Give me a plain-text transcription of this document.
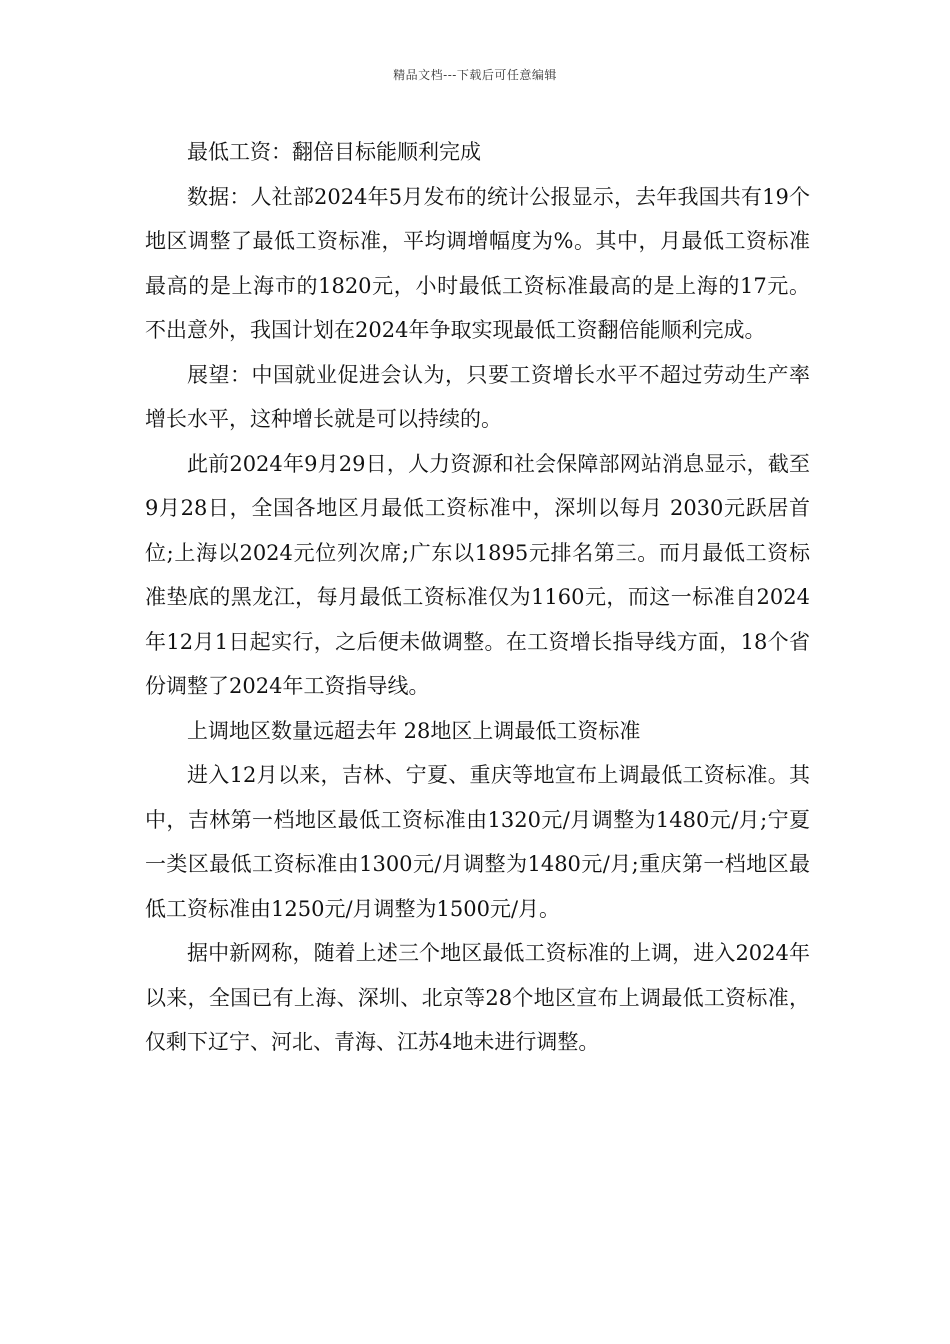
精品文档---下载后可任意编辑

最低工资：翻倍目标能顺利完成

数据：人社部2024年5月发布的统计公报显示，去年我国共有19个地区调整了最低工资标准，平均调增幅度为%。其中，月最低工资标准最高的是上海市的1820元，小时最低工资标准最高的是上海的17元。不出意外，我国计划在2024年争取实现最低工资翻倍能顺利完成。

展望：中国就业促进会认为，只要工资增长水平不超过劳动生产率增长水平，这种增长就是可以持续的。

此前2024年9月29日，人力资源和社会保障部网站消息显示，截至9月28日，全国各地区月最低工资标准中，深圳以每月 2030元跃居首位;上海以2024元位列次席;广东以1895元排名第三。而月最低工资标准垫底的黑龙江，每月最低工资标准仅为1160元，而这一标准自2024年12月1日起实行，之后便未做调整。在工资增长指导线方面，18个省份调整了2024年工资指导线。

上调地区数量远超去年 28地区上调最低工资标准

进入12月以来，吉林、宁夏、重庆等地宣布上调最低工资标准。其中，吉林第一档地区最低工资标准由1320元/月调整为1480元/月;宁夏一类区最低工资标准由1300元/月调整为1480元/月;重庆第一档地区最低工资标准由1250元/月调整为1500元/月。

据中新网称，随着上述三个地区最低工资标准的上调，进入2024年以来，全国已有上海、深圳、北京等28个地区宣布上调最低工资标准，仅剩下辽宁、河北、青海、江苏4地未进行调整。
